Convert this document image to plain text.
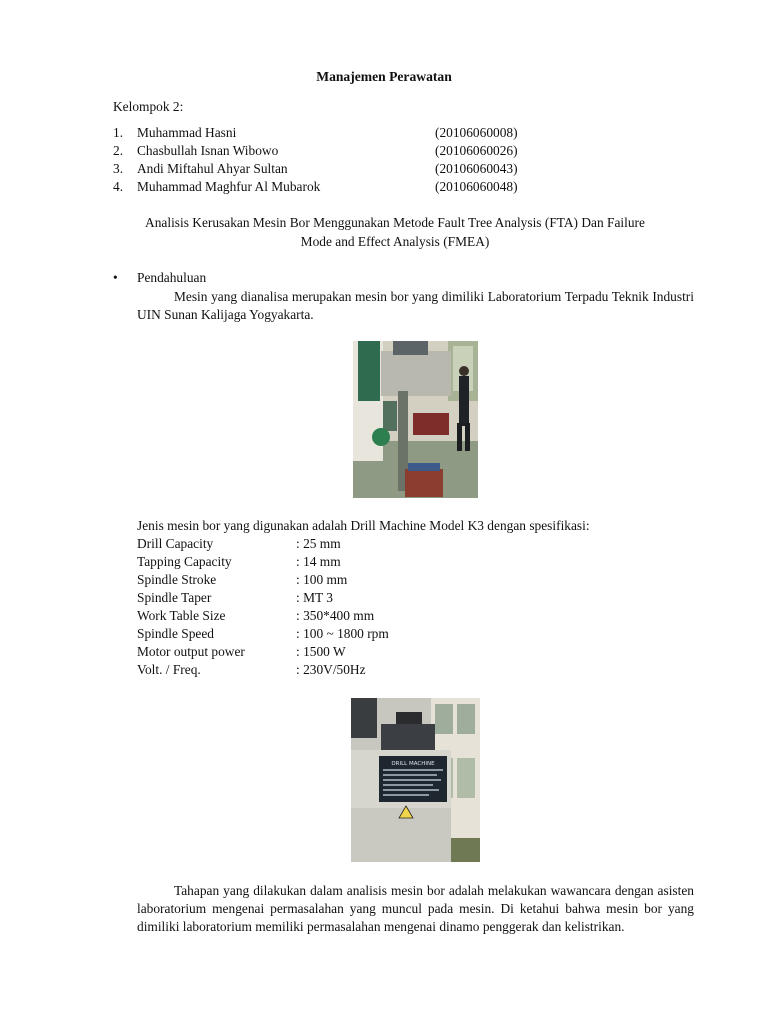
Manajemen Perawatan
Kelompok 2:
1. Muhammad Hasni	(20106060008)
2. Chasbullah Isnan Wibowo	(20106060026)
3. Andi Miftahul Ahyar Sultan	(20106060043)
4. Muhammad Maghfur Al Mubarok	(20106060048)
Analisis Kerusakan Mesin Bor Menggunakan Metode Fault Tree Analysis (FTA) Dan Failure
Mode and Effect Analysis (FMEA)
• Pendahuluan
Mesin yang dianalisa merupakan mesin bor yang dimiliki Laboratorium Terpadu Teknik Industri UIN Sunan Kalijaga Yogyakarta.
Jenis mesin bor yang digunakan adalah Drill Machine Model K3 dengan spesifikasi:
Drill Capacity	: 25 mm
Tapping Capacity	: 14 mm
Spindle Stroke	: 100 mm
Spindle Taper	: MT 3
Work Table Size	: 350*400 mm
Spindle Speed	: 100 ~ 1800 rpm
Motor output power	: 1500 W
Volt. / Freq.	: 230V/50Hz
DRILL MACHINE
Tahapan yang dilakukan dalam analisis mesin bor adalah melakukan wawancara dengan asisten laboratorium mengenai permasalahan yang muncul pada mesin. Di ketahui bahwa mesin bor yang dimiliki laboratorium memiliki permasalahan mengenai dinamo penggerak dan kelistrikan.
